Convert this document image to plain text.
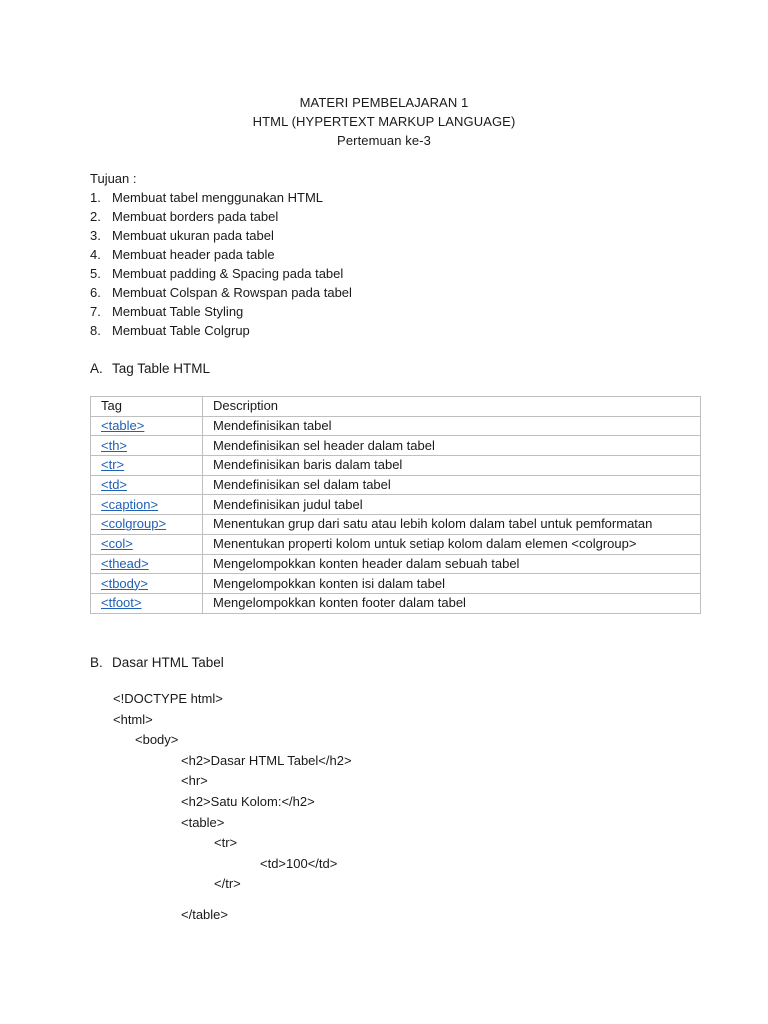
MATERI PEMBELAJARAN 1
HTML (HYPERTEXT MARKUP LANGUAGE)
Pertemuan ke-3
Tujuan :
1. Membuat tabel menggunakan HTML
2. Membuat borders pada tabel
3. Membuat ukuran pada tabel
4. Membuat header pada table
5. Membuat padding & Spacing pada tabel
6. Membuat Colspan & Rowspan pada tabel
7. Membuat Table Styling
8. Membuat Table Colgrup
A. Tag Table HTML
Tag	Description
<table>	Mendefinisikan tabel
<th>	Mendefinisikan sel header dalam tabel
<tr>	Mendefinisikan baris dalam tabel
<td>	Mendefinisikan sel dalam tabel
<caption>	Mendefinisikan judul tabel
<colgroup>	Menentukan grup dari satu atau lebih kolom dalam tabel untuk pemformatan
<col>	Menentukan properti kolom untuk setiap kolom dalam elemen <colgroup>
<thead>	Mengelompokkan konten header dalam sebuah tabel
<tbody>	Mengelompokkan konten isi dalam tabel
<tfoot>	Mengelompokkan konten footer dalam tabel
B. Dasar HTML Tabel
<!DOCTYPE html>
<html>
<body>
<h2>Dasar HTML Tabel</h2>
<hr>
<h2>Satu Kolom:</h2>
<table>
<tr>
<td>100</td>
</tr>
</table>
